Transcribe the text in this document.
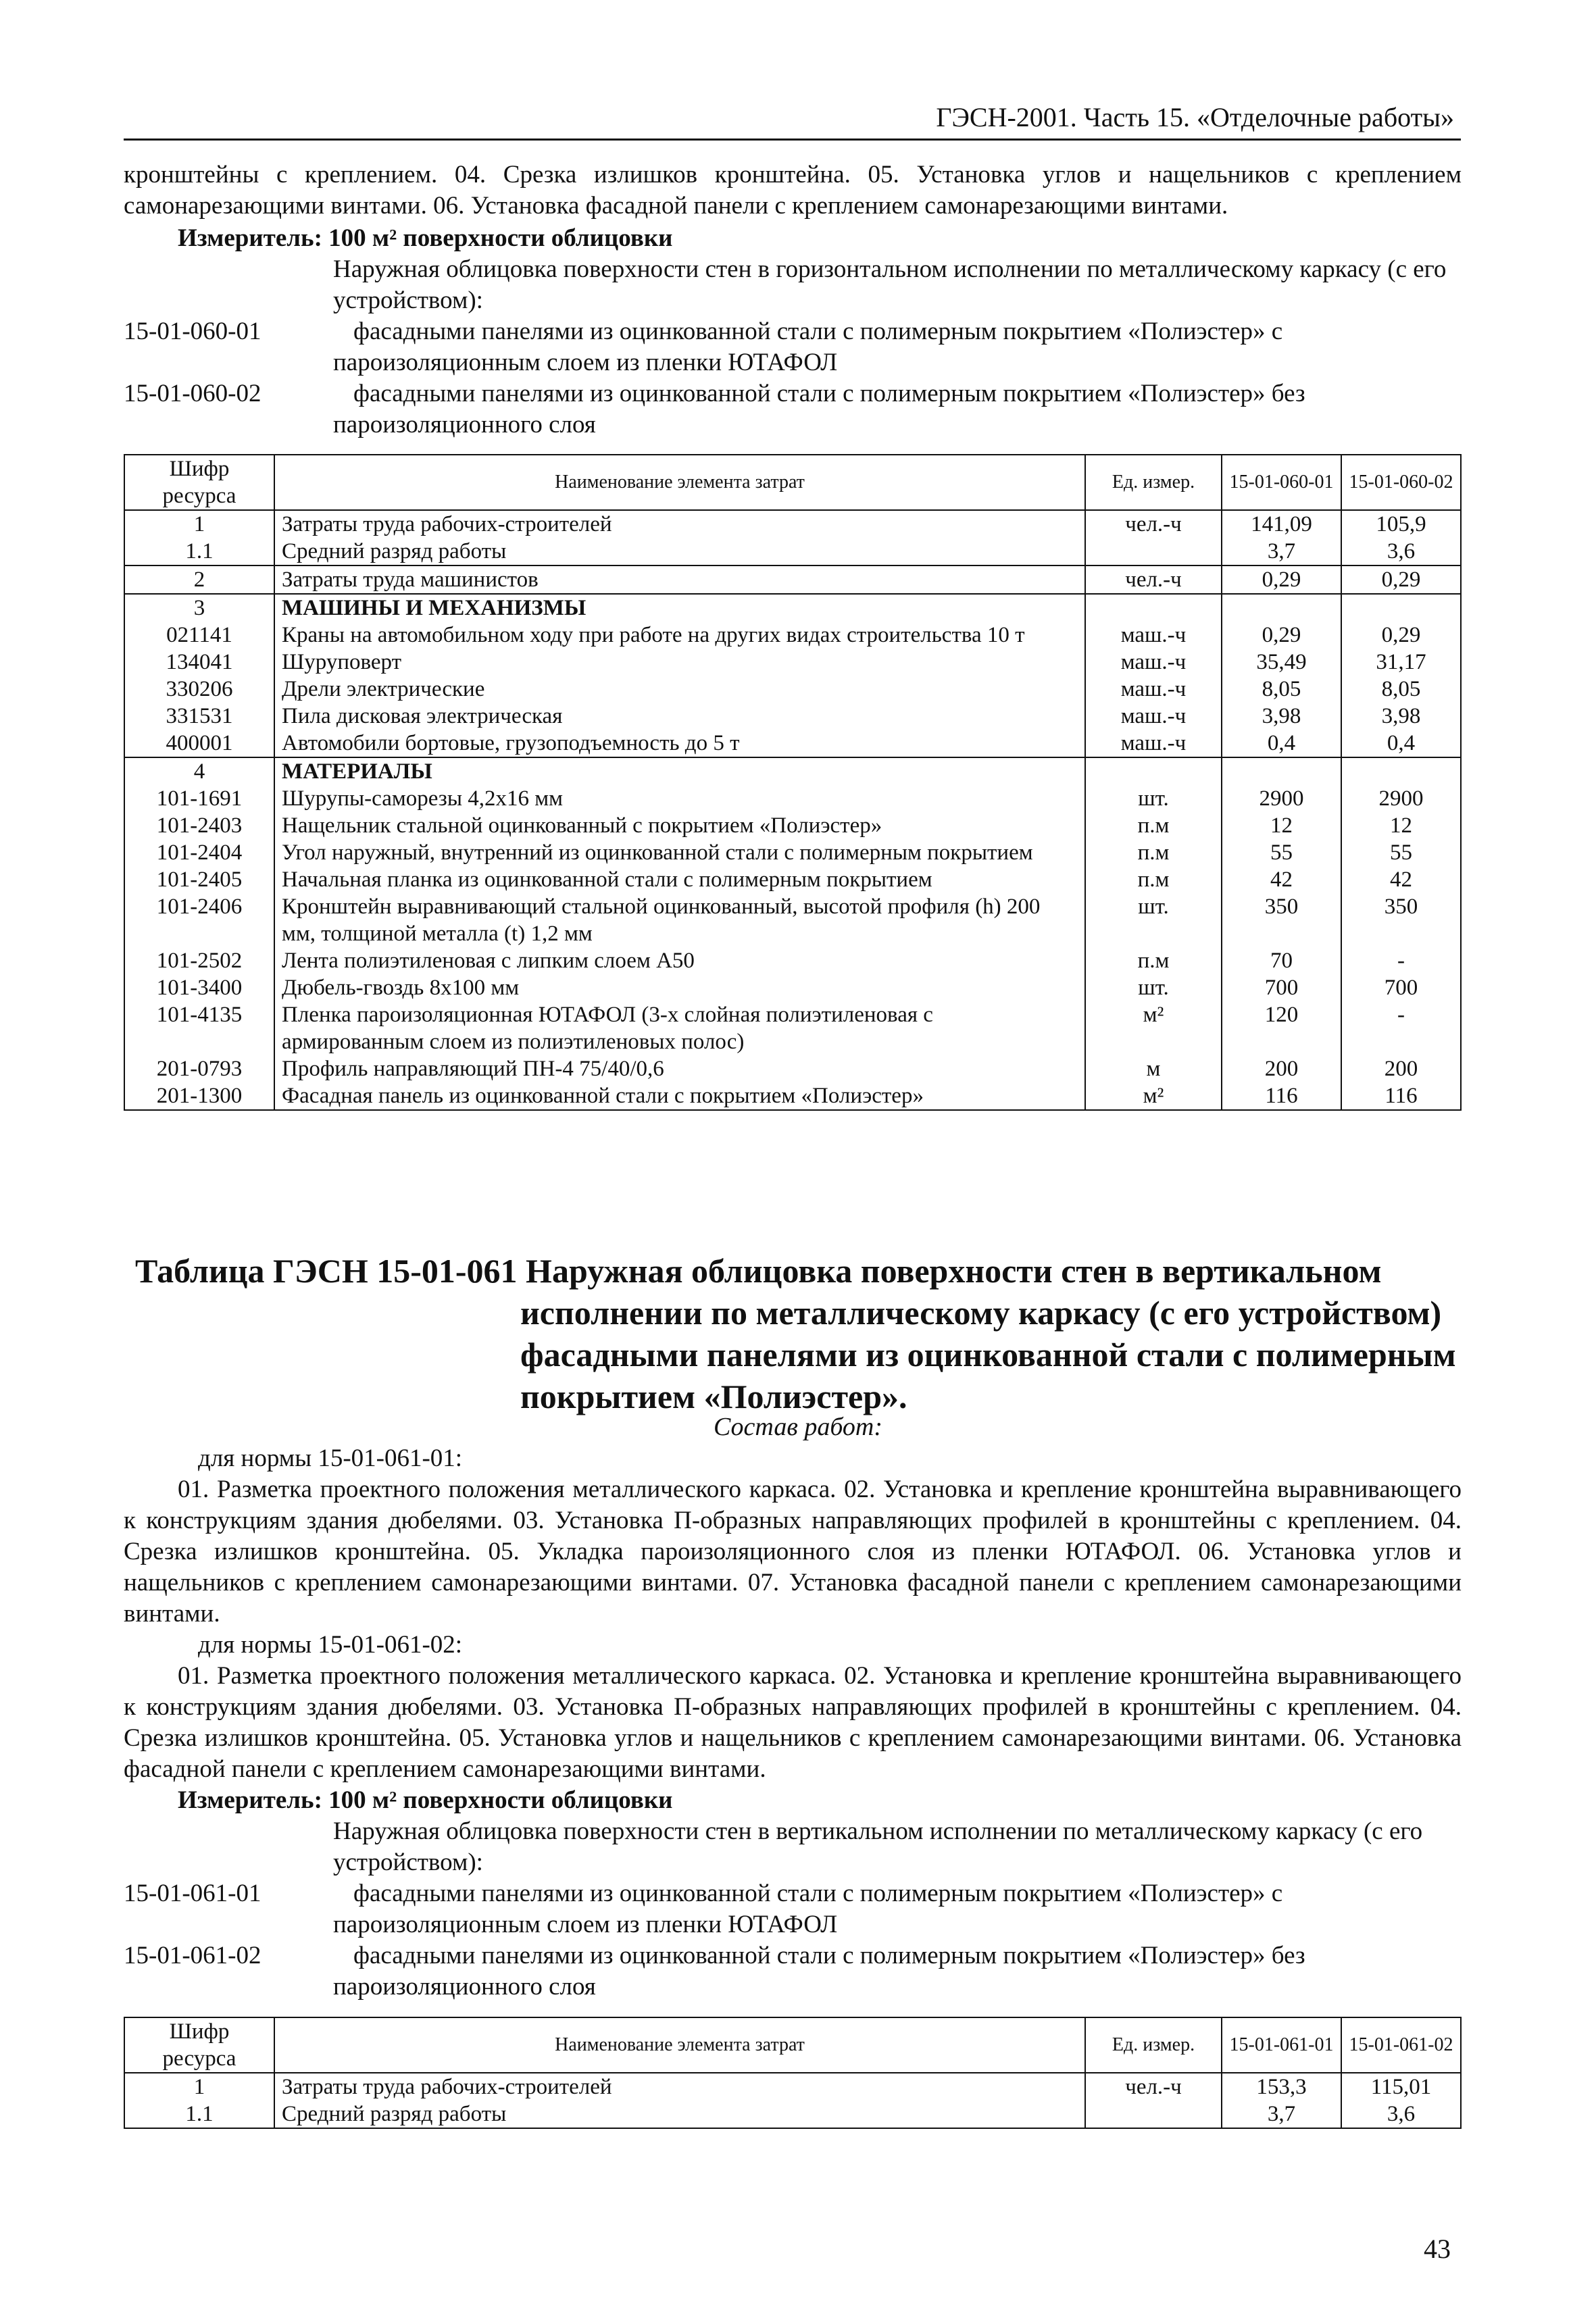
ГЭСН-2001. Часть 15. «Отделочные работы»
кронштейны с креплением. 04. Срезка излишков кронштейна. 05. Установка углов и нащельников с креплением самонарезающими винтами. 06. Установка фасадной панели с креплением самонарезающими винтами.
Измеритель: 100 м² поверхности облицовки
Наружная облицовка поверхности стен в горизонтальном исполнении по металлическому каркасу (с его устройством):
15-01-060-01	фасадными панелями из оцинкованной стали с полимерным покрытием «Полиэстер» с пароизоляционным слоем из пленки ЮТАФОЛ
15-01-060-02	фасадными панелями из оцинкованной стали с полимерным покрытием «Полиэстер» без пароизоляционного слоя
Шифр ресурса	Наименование элемента затрат	Ед. измер.	15-01-060-01	15-01-060-02
1	Затраты труда рабочих-строителей	чел.-ч	141,09	105,9
1.1	Средний разряд работы		3,7	3,6
2	Затраты труда машинистов	чел.-ч	0,29	0,29
3	МАШИНЫ И МЕХАНИЗМЫ			
021141	Краны на автомобильном ходу при работе на других видах строительства 10 т	маш.-ч	0,29	0,29
134041	Шуруповерт	маш.-ч	35,49	31,17
330206	Дрели электрические	маш.-ч	8,05	8,05
331531	Пила дисковая электрическая	маш.-ч	3,98	3,98
400001	Автомобили бортовые, грузоподъемность до 5 т	маш.-ч	0,4	0,4
4	МАТЕРИАЛЫ			
101-1691	Шурупы-саморезы 4,2х16 мм	шт.	2900	2900
101-2403	Нащельник стальной оцинкованный с покрытием «Полиэстер»	п.м	12	12
101-2404	Угол наружный, внутренний из оцинкованной стали с полимерным покрытием	п.м	55	55
101-2405	Начальная планка из оцинкованной стали с полимерным покрытием	п.м	42	42
101-2406	Кронштейн выравнивающий стальной оцинкованный, высотой профиля (h) 200 мм, толщиной металла (t) 1,2 мм	шт.	350	350
101-2502	Лента полиэтиленовая с липким слоем А50	п.м	70	-
101-3400	Дюбель-гвоздь 8х100 мм	шт.	700	700
101-4135	Пленка пароизоляционная ЮТАФОЛ (3-х слойная полиэтиленовая с армированным слоем из полиэтиленовых полос)	м²	120	-
201-0793	Профиль направляющий ПН-4 75/40/0,6	м	200	200
201-1300	Фасадная панель из оцинкованной стали с покрытием «Полиэстер»	м²	116	116
Таблица ГЭСН 15-01-061 Наружная облицовка поверхности стен в вертикальном
исполнении по металлическому каркасу (с его устройством) фасадными панелями из оцинкованной стали с полимерным покрытием «Полиэстер».
Состав работ:
для нормы 15-01-061-01:
01. Разметка проектного положения металлического каркаса. 02. Установка и крепление кронштейна выравнивающего к конструкциям здания дюбелями. 03. Установка П-образных направляющих профилей в кронштейны с креплением. 04. Срезка излишков кронштейна. 05. Укладка пароизоляционного слоя из пленки ЮТАФОЛ. 06. Установка углов и нащельников с креплением самонарезающими винтами. 07. Установка фасадной панели с креплением самонарезающими винтами.
для нормы 15-01-061-02:
01. Разметка проектного положения металлического каркаса. 02. Установка и крепление кронштейна выравнивающего к конструкциям здания дюбелями. 03. Установка П-образных направляющих профилей в кронштейны с креплением. 04. Срезка излишков кронштейна. 05. Установка углов и нащельников с креплением самонарезающими винтами. 06. Установка фасадной панели с креплением самонарезающими винтами.
Измеритель: 100 м² поверхности облицовки
Наружная облицовка поверхности стен в вертикальном исполнении по металлическому каркасу (с его устройством):
15-01-061-01	фасадными панелями из оцинкованной стали с полимерным покрытием «Полиэстер» с пароизоляционным слоем из пленки ЮТАФОЛ
15-01-061-02	фасадными панелями из оцинкованной стали с полимерным покрытием «Полиэстер» без пароизоляционного слоя
Шифр ресурса	Наименование элемента затрат	Ед. измер.	15-01-061-01	15-01-061-02
1	Затраты труда рабочих-строителей	чел.-ч	153,3	115,01
1.1	Средний разряд работы		3,7	3,6
43
